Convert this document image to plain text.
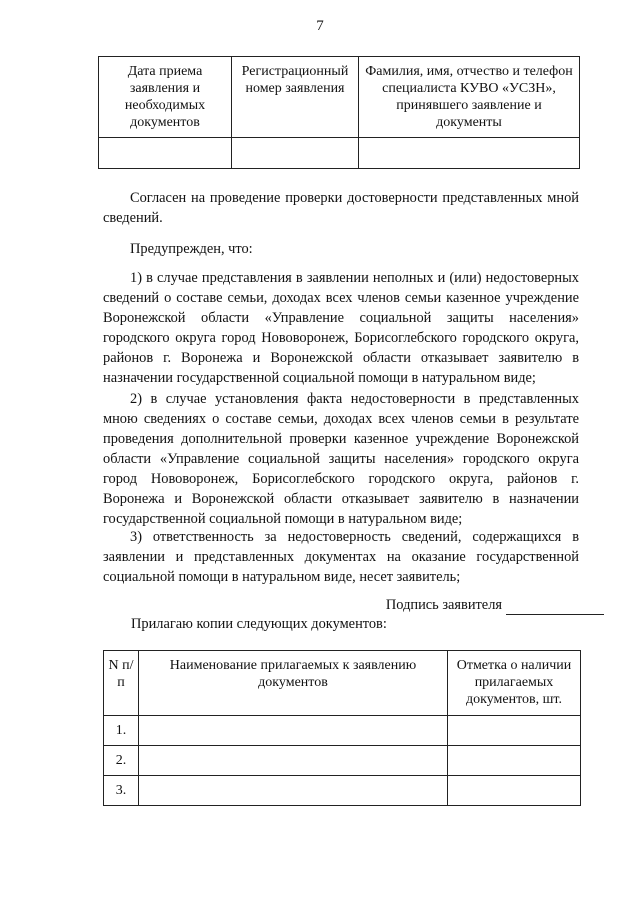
7
Дата приема заявления и необходимых документов	Регистрационный номер заявления	Фамилия, имя, отчество и телефон специалиста КУВО «УСЗН», принявшего заявление и документы

Согласен на проведение проверки достоверности представленных мной сведений.

Предупрежден, что:

1) в случае представления в заявлении неполных и (или) недостоверных сведений о составе семьи, доходах всех членов семьи казенное учреждение Воронежской области «Управление социальной защиты населения» городского округа город Нововоронеж, Борисоглебского городского округа, районов г. Воронежа и Воронежской области отказывает заявителю в назначении государственной социальной помощи в натуральном виде;

2) в случае установления факта недостоверности в представленных мною сведениях о составе семьи, доходах всех членов семьи в результате проведения дополнительной проверки казенное учреждение Воронежской области «Управление социальной защиты населения» городского округа город Нововоронеж, Борисоглебского городского округа, районов г. Воронежа и Воронежской области отказывает заявителю в назначении государственной социальной помощи в натуральном виде;

3) ответственность за недостоверность сведений, содержащихся в заявлении и представленных документах на оказание государственной социальной помощи в натуральном виде, несет заявитель;

Подпись заявителя
Прилагаю копии следующих документов:
N п/п	Наименование прилагаемых к заявлению документов	Отметка о наличии прилагаемых документов, шт.
1.		
2.		
3.		
